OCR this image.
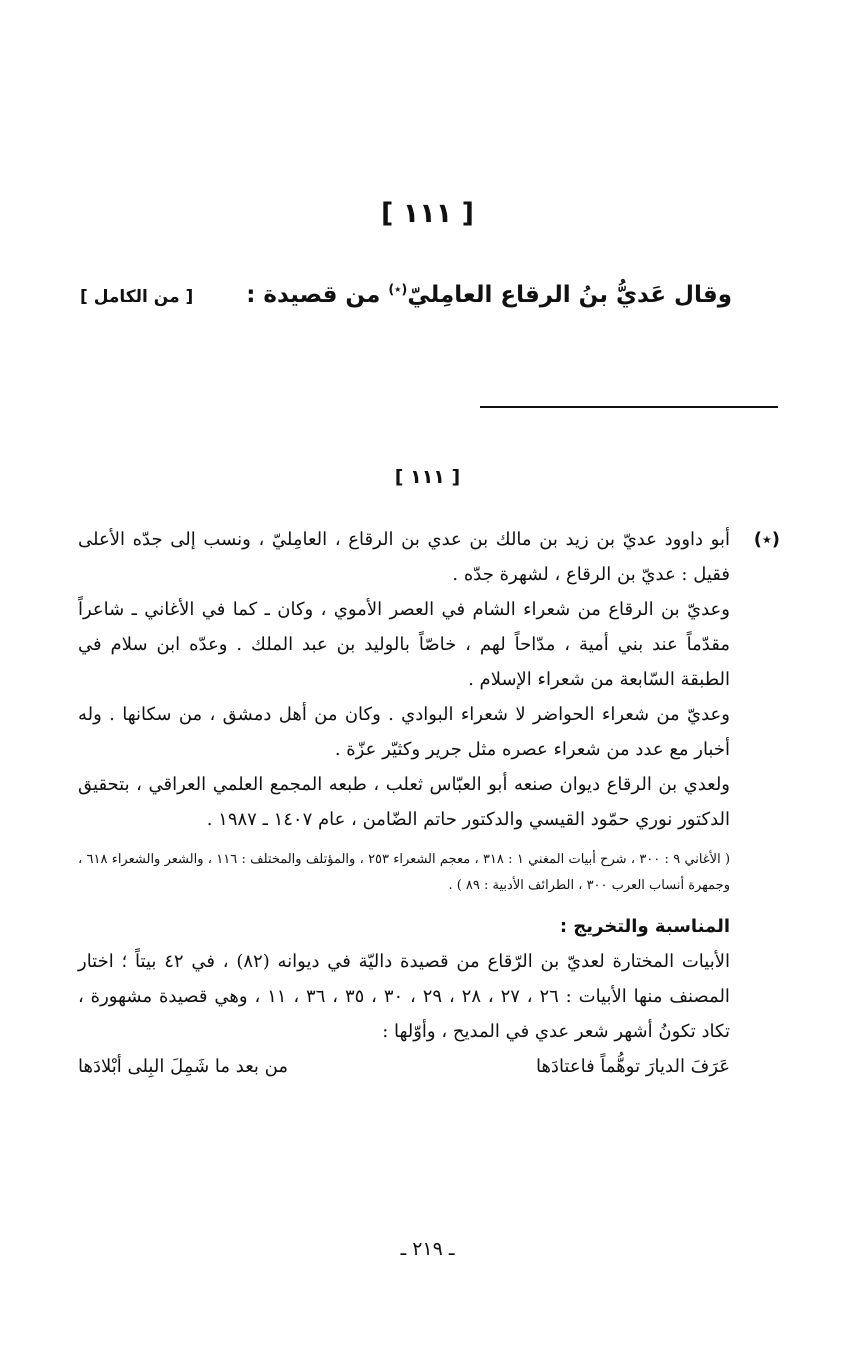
[ ١١١ ]
وقال عَديُّ بنُ الرقاع العامِليّ(٭) من قصيدة :
[ من الكامل ]
[ ١١١ ]
(٭)

أبو داوود عديّ بن زيد بن مالك بن عدي بن الرقاع ، العامِليّ ، ونسب إلى جدّه الأعلى فقيل : عديّ بن الرقاع ، لشهرة جدّه .

وعديّ بن الرقاع من شعراء الشام في العصر الأموي ، وكان ـ كما في الأغاني ـ شاعراً مقدّماً عند بني أمية ، مدّاحاً لهم ، خاصّاً بالوليد بن عبد الملك . وعدّه ابن سلام في الطبقة السّابعة من شعراء الإسلام .

وعديّ من شعراء الحواضر لا شعراء البوادي . وكان من أهل دمشق ، من سكانها . وله أخبار مع عدد من شعراء عصره مثل جرير وكثيّر عزّة .

ولعدي بن الرقاع ديوان صنعه أبو العبّاس ثعلب ، طبعه المجمع العلمي العراقي ، بتحقيق الدكتور نوري حمّود القيسي والدكتور حاتم الضّامن ، عام ١٤٠٧ ـ ١٩٨٧ .

( الأغاني ٩ : ٣٠٠ ، شرح أبيات المغني ١ : ٣١٨ ، معجم الشعراء ٢٥٣ ، والمؤتلف والمختلف : ١١٦ ، والشعر والشعراء ٦١٨ ، وجمهرة أنساب العرب ٣٠٠ ، الطرائف الأدبية : ٨٩ ) .

المناسبة والتخريج :

الأبيات المختارة لعديّ بن الرّقاع من قصيدة داليّة في ديوانه (٨٢) ، في ٤٢ بيتاً ؛ اختار المصنف منها الأبيات : ٢٦ ، ٢٧ ، ٢٨ ، ٢٩ ، ٣٠ ، ٣٥ ، ٣٦ ، ١١ ، وهي قصيدة مشهورة ، تكاد تكونُ أشهر شعر عدي في المديح ، وأوّلها :

عَرَفَ الديارَ توهُّماً فاعتادَها
من بعد ما شَمِلَ البِلى أبْلادَها
ـ ٢١٩ ـ
